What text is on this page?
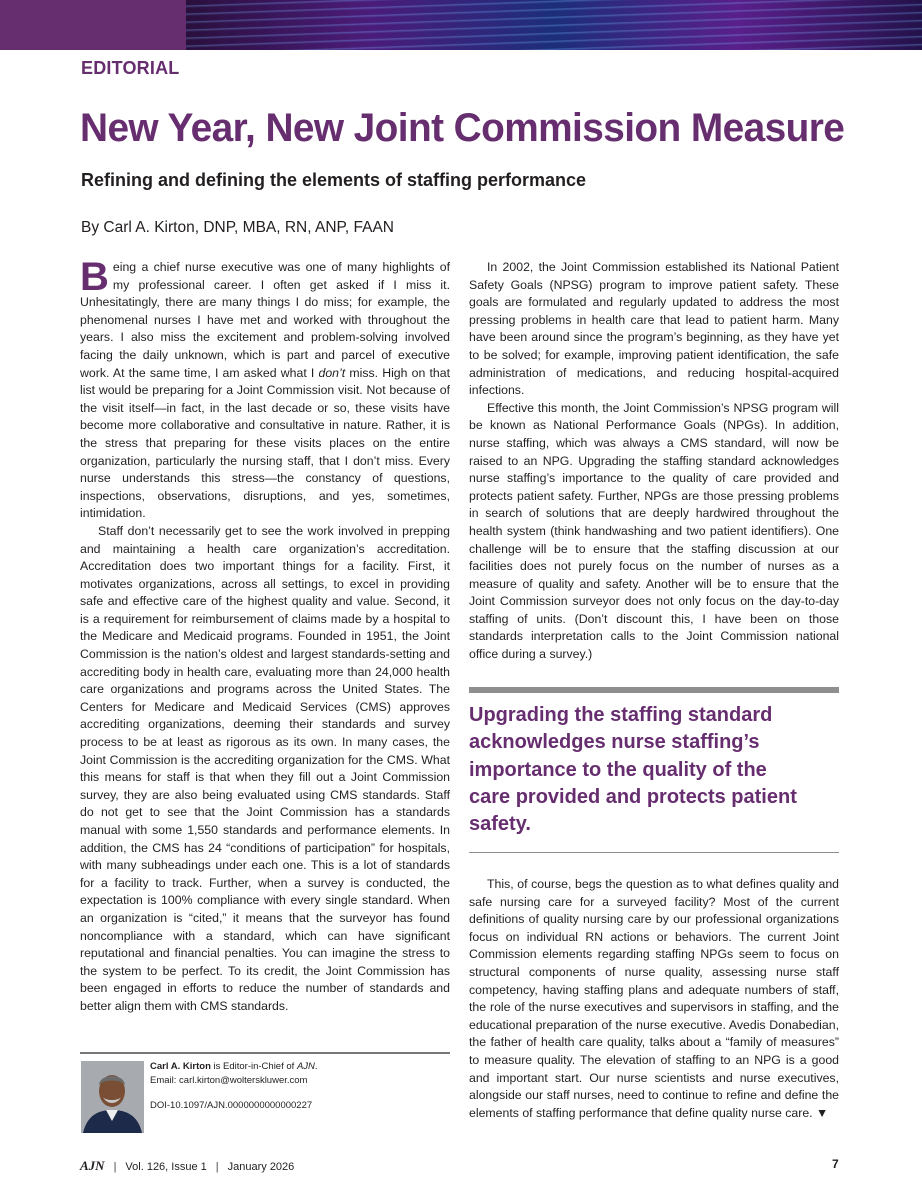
EDITORIAL
New Year, New Joint Commission Measure
Refining and defining the elements of staffing performance
By Carl A. Kirton, DNP, MBA, RN, ANP, FAAN

Being a chief nurse executive was one of many highlights of my professional career. I often get asked if I miss it. Unhesitatingly, there are many things I do miss; for example, the phenomenal nurses I have met and worked with throughout the years. I also miss the excitement and problem-solving involved facing the daily unknown, which is part and parcel of executive work. At the same time, I am asked what I don’t miss. High on that list would be preparing for a Joint Commission visit. Not because of the visit itself—in fact, in the last decade or so, these visits have become more collaborative and consultative in nature. Rather, it is the stress that preparing for these visits places on the entire organization, particularly the nursing staff, that I don’t miss. Every nurse understands this stress—the constancy of questions, inspections, observations, disruptions, and yes, sometimes, intimidation.

Staff don’t necessarily get to see the work involved in prepping and maintaining a health care organization’s accreditation. Accreditation does two important things for a facility. First, it motivates organizations, across all settings, to excel in providing safe and effective care of the highest quality and value. Second, it is a requirement for reimbursement of claims made by a hospital to the Medicare and Medicaid programs. Founded in 1951, the Joint Commission is the nation’s oldest and largest standards-setting and accrediting body in health care, evaluating more than 24,000 health care organizations and programs across the United States. The Centers for Medicare and Medicaid Services (CMS) approves accrediting organizations, deeming their standards and survey process to be at least as rigorous as its own. In many cases, the Joint Commission is the accrediting organization for the CMS. What this means for staff is that when they fill out a Joint Commission survey, they are also being evaluated using CMS standards. Staff do not get to see that the Joint Commission has a standards manual with some 1,550 standards and performance elements. In addition, the CMS has 24 “conditions of participation” for hospitals, with many subheadings under each one. This is a lot of standards for a facility to track. Further, when a survey is conducted, the expectation is 100% compliance with every single standard. When an organization is “cited,” it means that the surveyor has found noncompliance with a standard, which can have significant reputational and financial penalties. You can imagine the stress to the system to be perfect. To its credit, the Joint Commission has been engaged in efforts to reduce the number of standards and better align them with CMS standards.

In 2002, the Joint Commission established its National Patient Safety Goals (NPSG) program to improve patient safety. These goals are formulated and regularly updated to address the most pressing problems in health care that lead to patient harm. Many have been around since the program’s beginning, as they have yet to be solved; for example, improving patient identification, the safe administration of medications, and reducing hospital-acquired infections.

Effective this month, the Joint Commission’s NPSG program will be known as National Performance Goals (NPGs). In addition, nurse staffing, which was always a CMS standard, will now be raised to an NPG. Upgrading the staffing standard acknowledges nurse staffing’s importance to the quality of care provided and protects patient safety. Further, NPGs are those pressing problems in search of solutions that are deeply hardwired throughout the health system (think handwashing and two patient identifiers). One challenge will be to ensure that the staffing discussion at our facilities does not purely focus on the number of nurses as a measure of quality and safety. Another will be to ensure that the Joint Commission surveyor does not only focus on the day-to-day staffing of units. (Don’t discount this, I have been on those standards interpretation calls to the Joint Commission national office during a survey.)

Upgrading the staffing standard acknowledges nurse staffing’s importance to the quality of the care provided and protects patient safety.

This, of course, begs the question as to what defines quality and safe nursing care for a surveyed facility? Most of the current definitions of quality nursing care by our professional organizations focus on individual RN actions or behaviors. The current Joint Commission elements regarding staffing NPGs seem to focus on structural components of nurse quality, assessing nurse staff competency, having staffing plans and adequate numbers of staff, the role of the nurse executives and supervisors in staffing, and the educational preparation of the nurse executive. Avedis Donabedian, the father of health care quality, talks about a “family of measures” to measure quality. The elevation of staffing to an NPG is a good and important start. Our nurse scientists and nurse executives, alongside our staff nurses, need to continue to refine and define the elements of staffing performance that define quality nurse care. ▼

Carl A. Kirton is Editor-in-Chief of AJN.
Email: carl.kirton@wolterskluwer.com
DOI-10.1097/AJN.0000000000000227
AJN | Vol. 126, Issue 1 | January 2026	7
